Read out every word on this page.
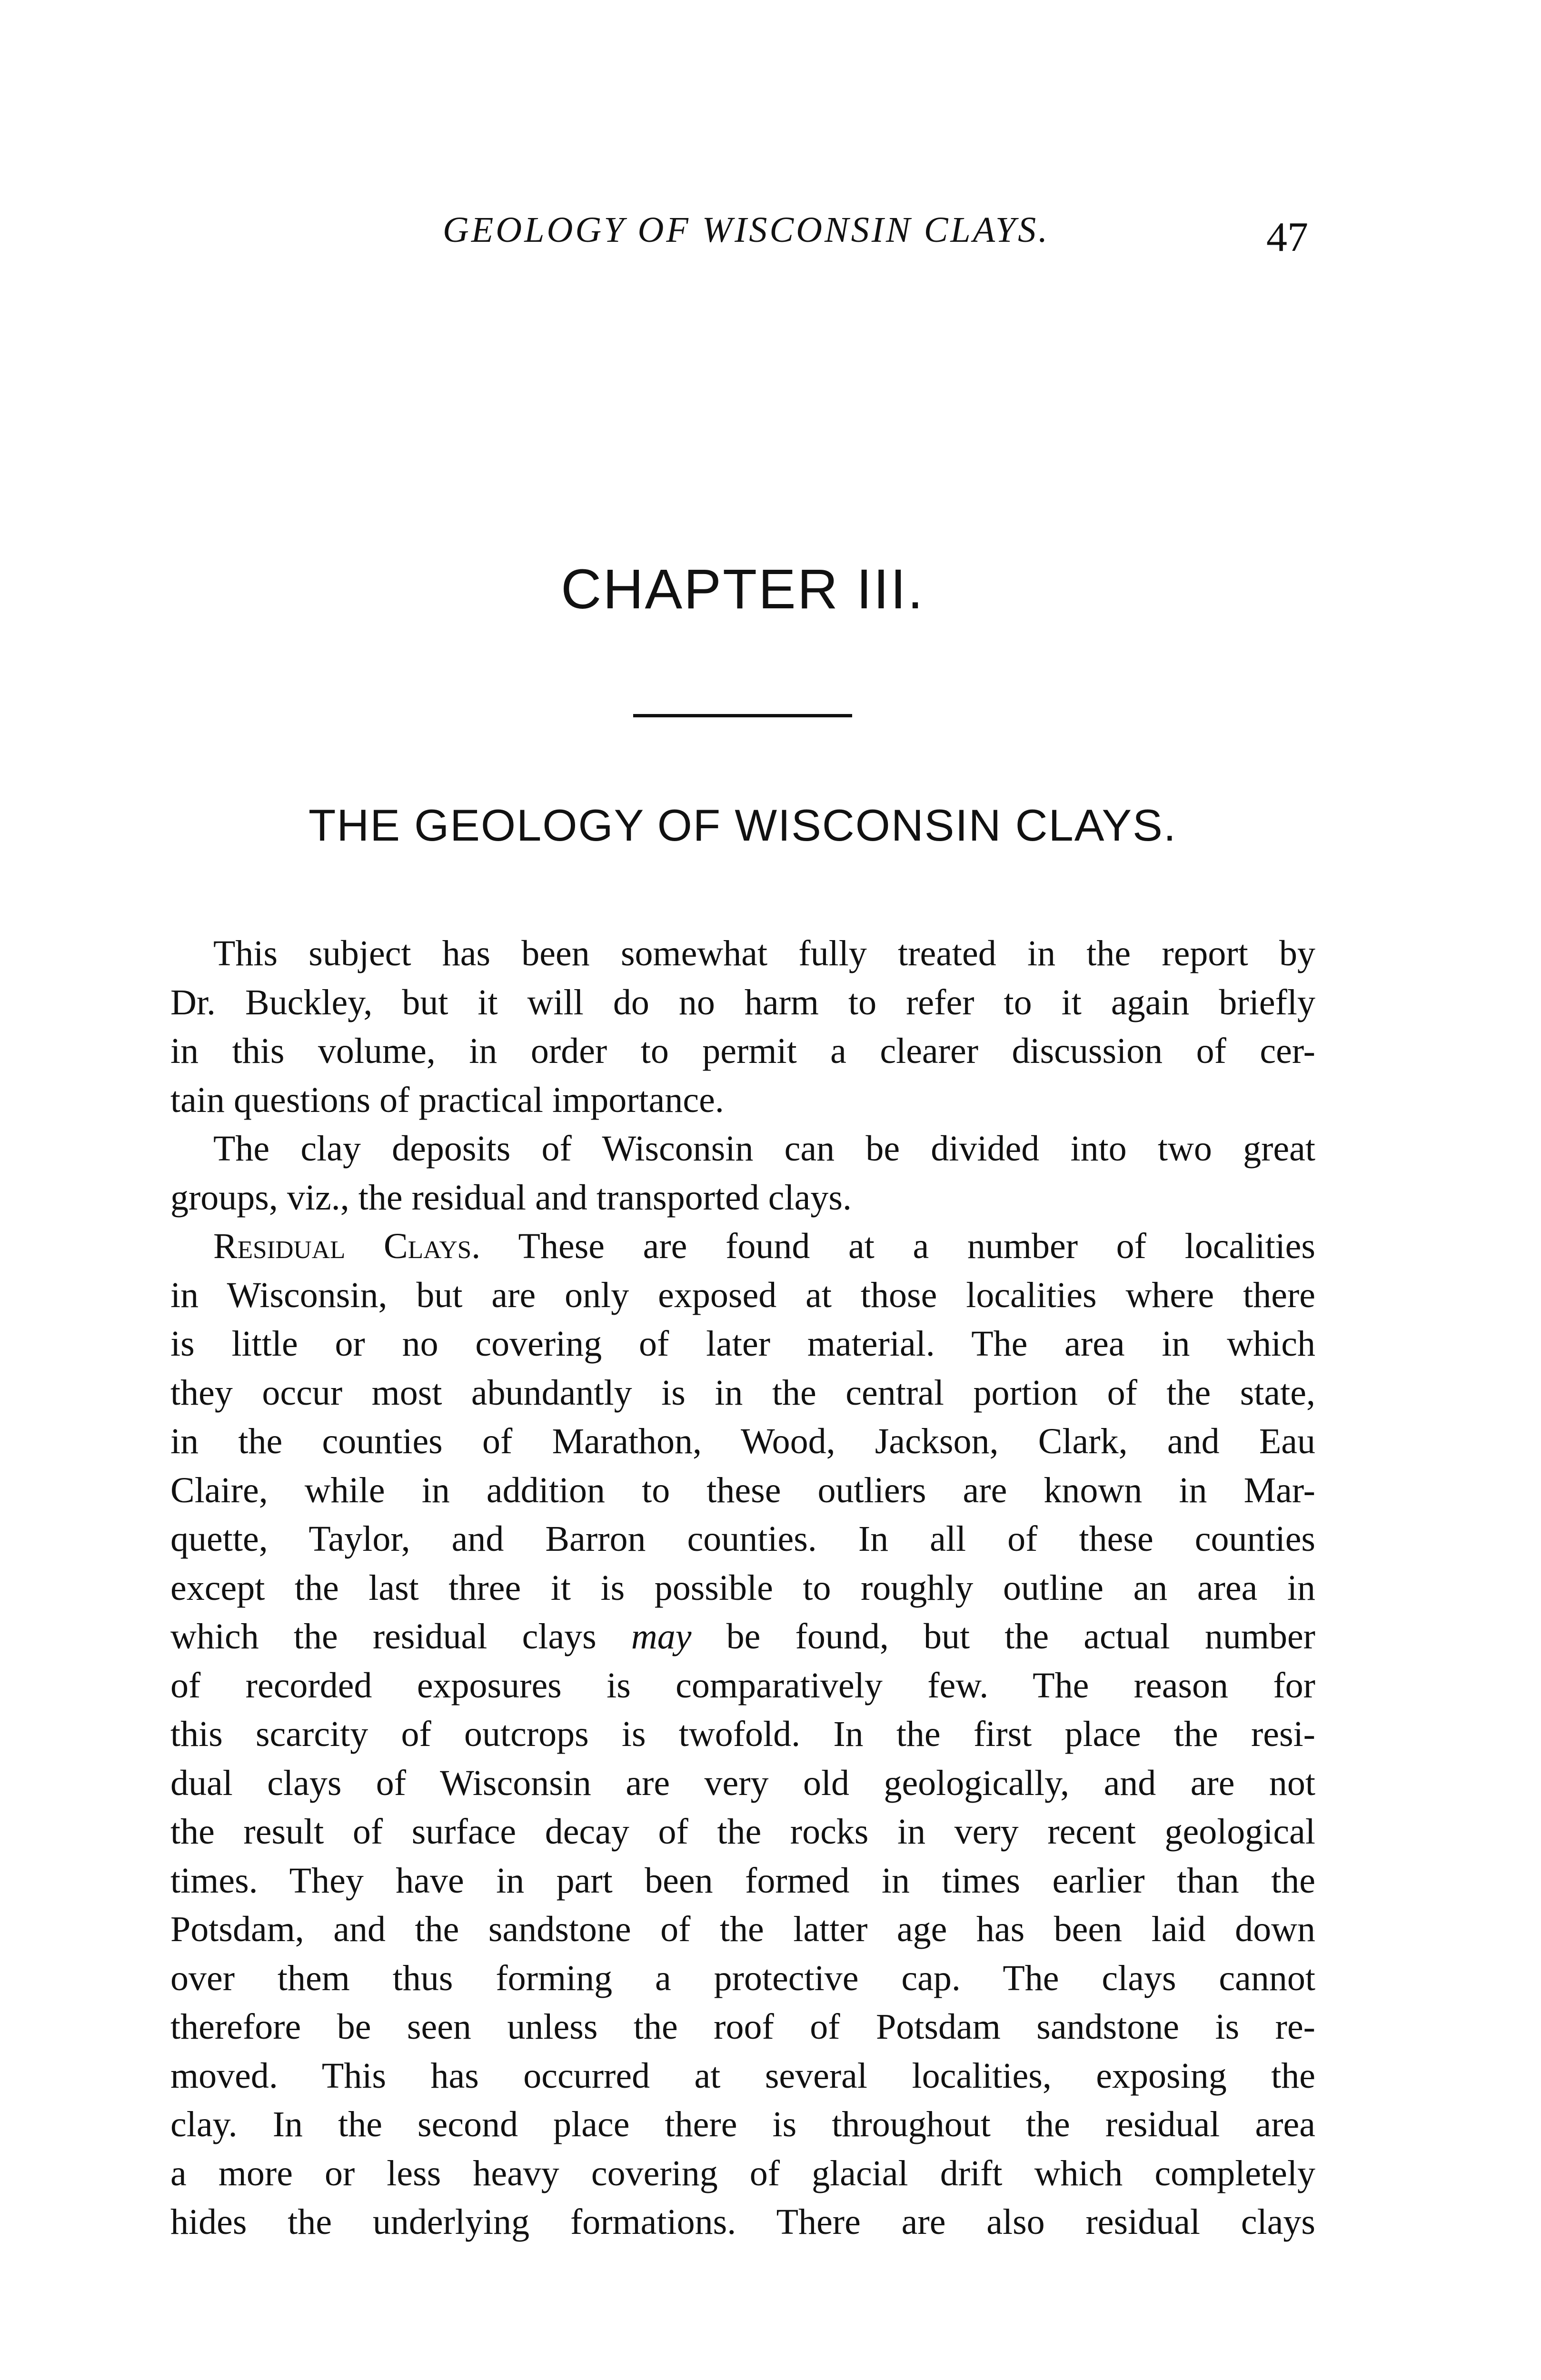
GEOLOGY OF WISCONSIN CLAYS.	47
CHAPTER III.
THE GEOLOGY OF WISCONSIN CLAYS.
This subject has been somewhat fully treated in the report by
Dr. Buckley, but it will do no harm to refer to it again briefly
in this volume, in order to permit a clearer discussion of cer-
tain questions of practical importance.
The clay deposits of Wisconsin can be divided into two great
groups, viz., the residual and transported clays.
Residual Clays. These are found at a number of localities
in Wisconsin, but are only exposed at those localities where there
is little or no covering of later material. The area in which
they occur most abundantly is in the central portion of the state,
in the counties of Marathon, Wood, Jackson, Clark, and Eau
Claire, while in addition to these outliers are known in Mar-
quette, Taylor, and Barron counties. In all of these counties
except the last three it is possible to roughly outline an area in
which the residual clays may be found, but the actual number
of recorded exposures is comparatively few. The reason for
this scarcity of outcrops is twofold. In the first place the resi-
dual clays of Wisconsin are very old geologically, and are not
the result of surface decay of the rocks in very recent geological
times. They have in part been formed in times earlier than the
Potsdam, and the sandstone of the latter age has been laid down
over them thus forming a protective cap. The clays cannot
therefore be seen unless the roof of Potsdam sandstone is re-
moved. This has occurred at several localities, exposing the
clay. In the second place there is throughout the residual area
a more or less heavy covering of glacial drift which completely
hides the underlying formations. There are also residual clays
